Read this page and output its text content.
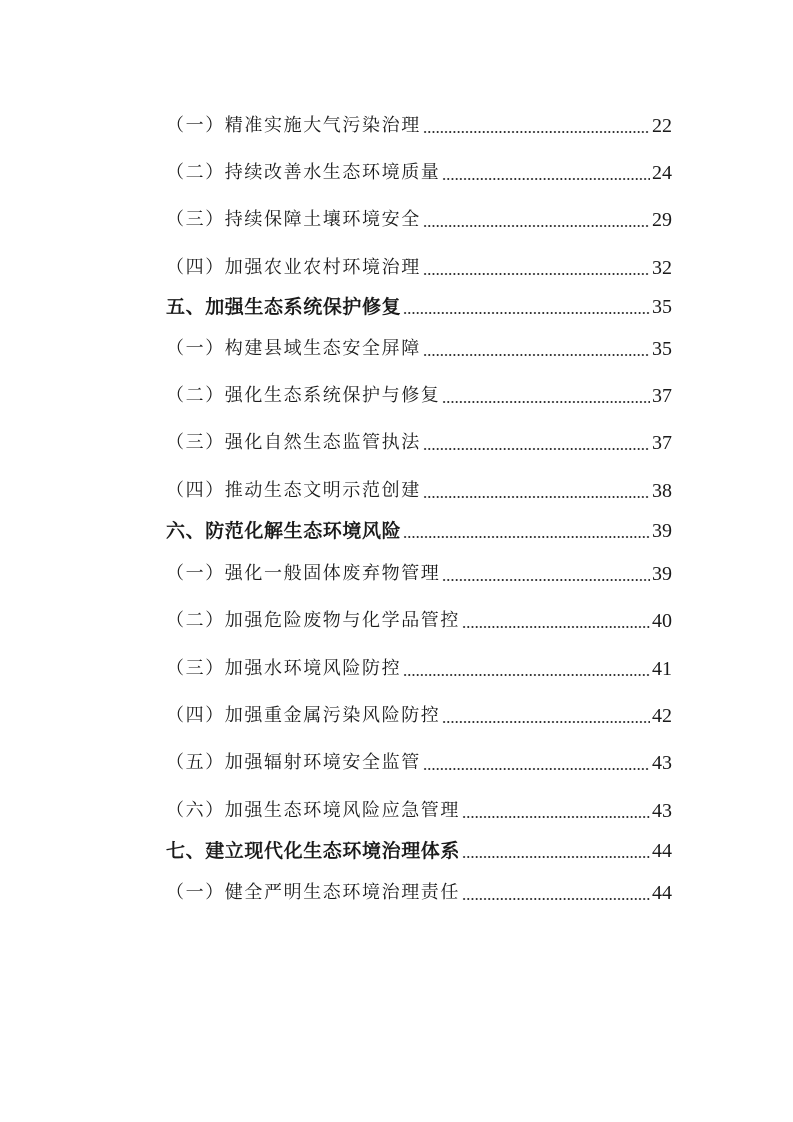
（一）精准实施大气污染治理	22
（二）持续改善水生态环境质量	24
（三）持续保障土壤环境安全	29
（四）加强农业农村环境治理	32
五、加强生态系统保护修复	35
（一）构建县域生态安全屏障	35
（二）强化生态系统保护与修复	37
（三）强化自然生态监管执法	37
（四）推动生态文明示范创建	38
六、防范化解生态环境风险	39
（一）强化一般固体废弃物管理	39
（二）加强危险废物与化学品管控	40
（三）加强水环境风险防控	41
（四）加强重金属污染风险防控	42
（五）加强辐射环境安全监管	43
（六）加强生态环境风险应急管理	43
七、建立现代化生态环境治理体系	44
（一）健全严明生态环境治理责任	44
